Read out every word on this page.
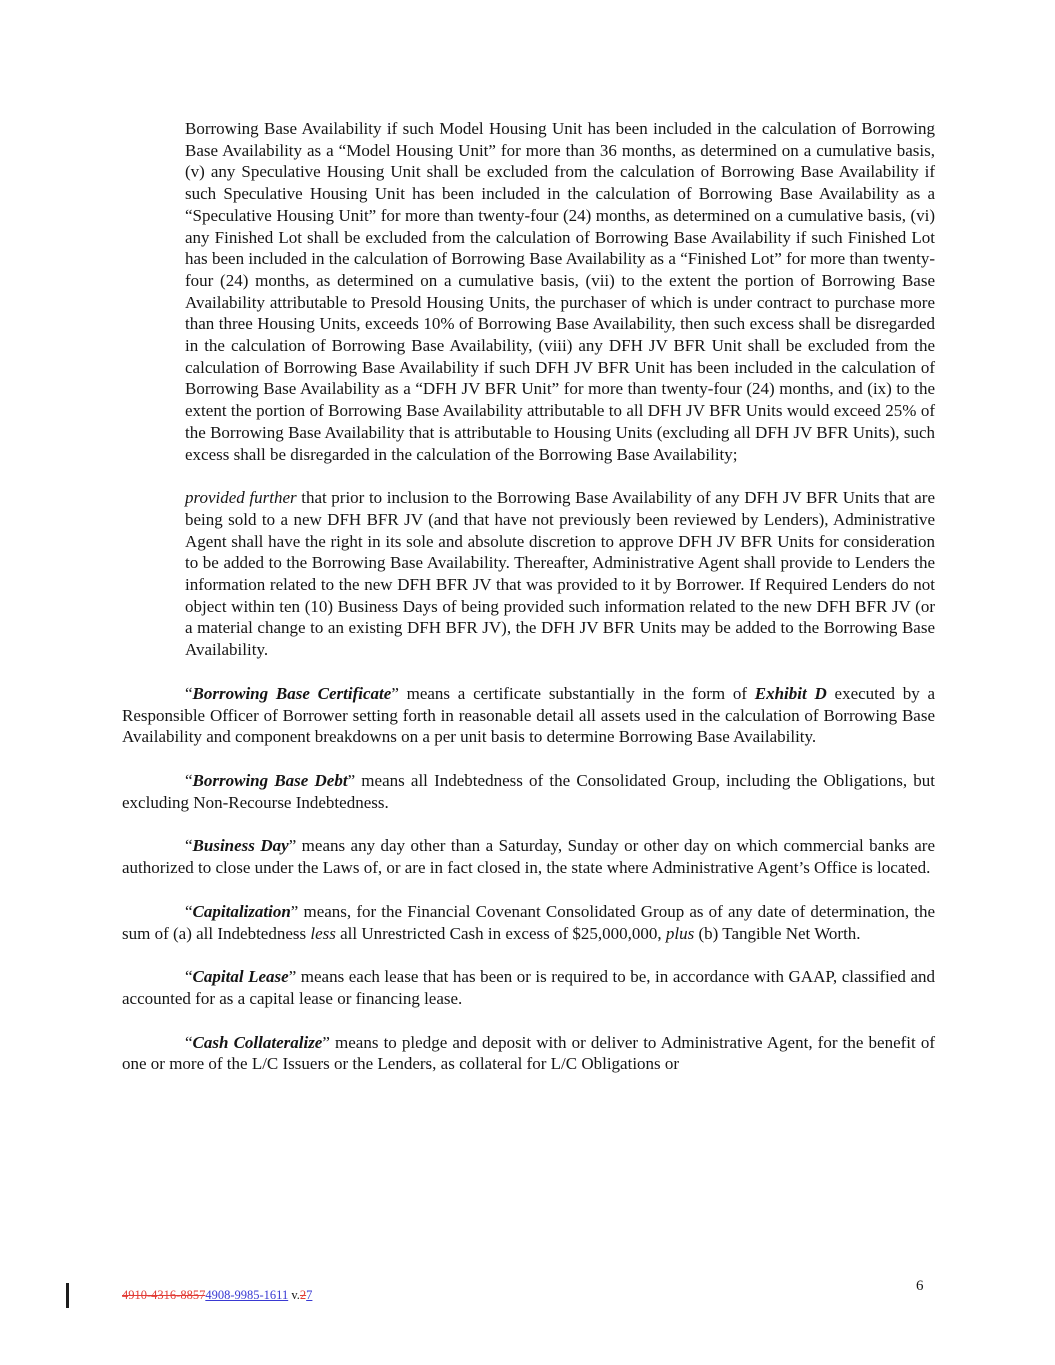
Borrowing Base Availability if such Model Housing Unit has been included in the calculation of Borrowing Base Availability as a “Model Housing Unit” for more than 36 months, as determined on a cumulative basis, (v) any Speculative Housing Unit shall be excluded from the calculation of Borrowing Base Availability if such Speculative Housing Unit has been included in the calculation of Borrowing Base Availability as a “Speculative Housing Unit” for more than twenty-four (24) months, as determined on a cumulative basis, (vi) any Finished Lot shall be excluded from the calculation of Borrowing Base Availability if such Finished Lot has been included in the calculation of Borrowing Base Availability as a “Finished Lot” for more than twenty-four (24) months, as determined on a cumulative basis, (vii) to the extent the portion of Borrowing Base Availability attributable to Presold Housing Units, the purchaser of which is under contract to purchase more than three Housing Units, exceeds 10% of Borrowing Base Availability, then such excess shall be disregarded in the calculation of Borrowing Base Availability, (viii) any DFH JV BFR Unit shall be excluded from the calculation of Borrowing Base Availability if such DFH JV BFR Unit has been included in the calculation of Borrowing Base Availability as a “DFH JV BFR Unit” for more than twenty-four (24) months, and (ix) to the extent the portion of Borrowing Base Availability attributable to all DFH JV BFR Units would exceed 25% of the Borrowing Base Availability that is attributable to Housing Units (excluding all DFH JV BFR Units), such excess shall be disregarded in the calculation of the Borrowing Base Availability;

provided further that prior to inclusion to the Borrowing Base Availability of any DFH JV BFR Units that are being sold to a new DFH BFR JV (and that have not previously been reviewed by Lenders), Administrative Agent shall have the right in its sole and absolute discretion to approve DFH JV BFR Units for consideration to be added to the Borrowing Base Availability. Thereafter, Administrative Agent shall provide to Lenders the information related to the new DFH BFR JV that was provided to it by Borrower. If Required Lenders do not object within ten (10) Business Days of being provided such information related to the new DFH BFR JV (or a material change to an existing DFH BFR JV), the DFH JV BFR Units may be added to the Borrowing Base Availability.

“Borrowing Base Certificate” means a certificate substantially in the form of Exhibit D executed by a Responsible Officer of Borrower setting forth in reasonable detail all assets used in the calculation of Borrowing Base Availability and component breakdowns on a per unit basis to determine Borrowing Base Availability.

“Borrowing Base Debt” means all Indebtedness of the Consolidated Group, including the Obligations, but excluding Non-Recourse Indebtedness.

“Business Day” means any day other than a Saturday, Sunday or other day on which commercial banks are authorized to close under the Laws of, or are in fact closed in, the state where Administrative Agent’s Office is located.

“Capitalization” means, for the Financial Covenant Consolidated Group as of any date of determination, the sum of (a) all Indebtedness less all Unrestricted Cash in excess of $25,000,000, plus (b) Tangible Net Worth.

“Capital Lease” means each lease that has been or is required to be, in accordance with GAAP, classified and accounted for as a capital lease or financing lease.

“Cash Collateralize” means to pledge and deposit with or deliver to Administrative Agent, for the benefit of one or more of the L/C Issuers or the Lenders, as collateral for L/C Obligations or

4910-4316-88574908-9985-1611 v.27
6
